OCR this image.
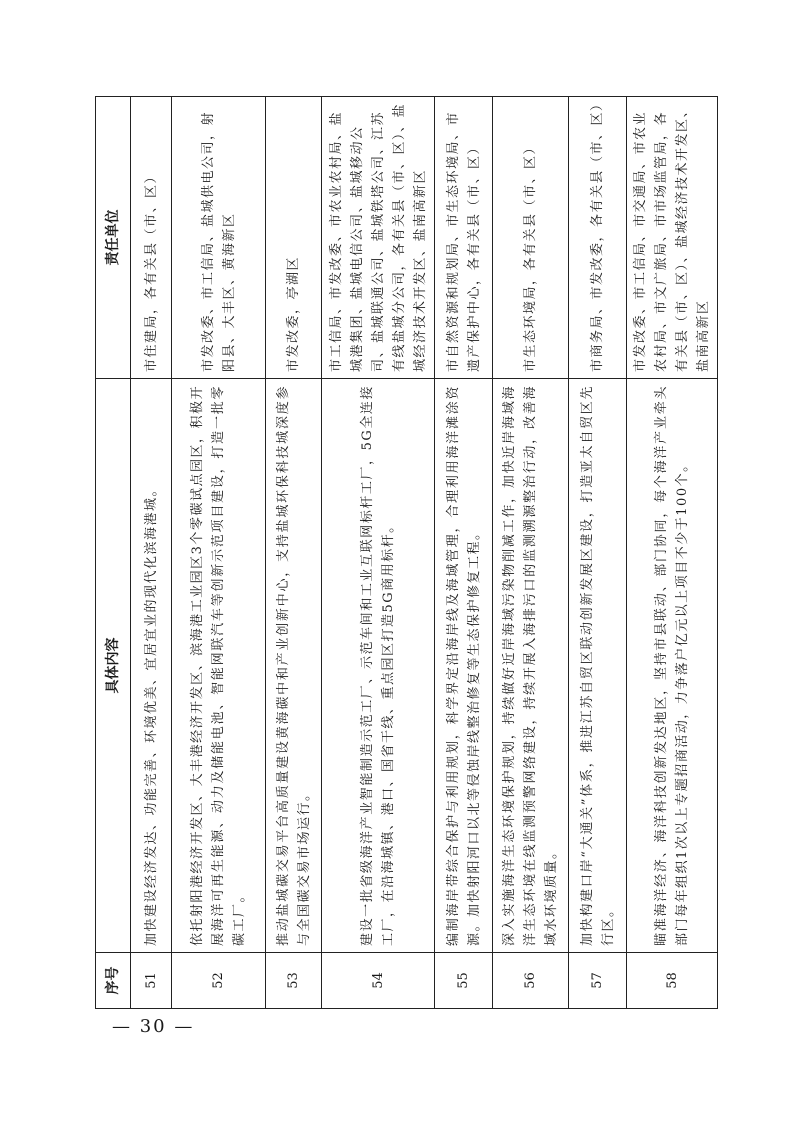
序号	具体内容	责任单位
51	加快建设经济发达、功能完善、环境优美、宜居宜业的现代化滨海港城。	市住建局，各有关县（市、区）
52	依托射阳港经济开发区、大丰港经济开发区、滨海港工业园区3个零碳试点园区，积极开展海洋可再生能源、动力及储能电池、智能网联汽车等创新示范项目建设，打造一批零碳工厂。	市发改委、市工信局、盐城供电公司，射阳县、大丰区、黄海新区
53	推动盐城碳交易平台高质量建设黄海碳中和产业创新中心，支持盐城环保科技城深度参与全国碳交易市场运行。	市发改委，亭湖区
54	建设一批省级海洋产业智能制造示范工厂、示范车间和工业互联网标杆工厂，5G全连接工厂，在沿海城镇、港口、国省干线、重点园区打造5G商用标杆。	市工信局、市发改委、市农业农村局、盐城港集团、盐城电信公司、盐城移动公司、盐城联通公司、盐城铁塔公司、江苏有线盐城分公司，各有关县（市、区）、盐城经济技术开发区、盐南高新区
55	编制海岸带综合保护与利用规划，科学界定沿海岸线及海域管理，合理利用海洋滩涂资源。加快射阳河口以北等侵蚀岸线整治修复等生态保护修复工程。	市自然资源和规划局、市生态环境局、市遗产保护中心，各有关县（市、区）
56	深入实施海洋生态环境保护规划，持续做好近岸海域污染物削减工作，加快近岸海域海洋生态环境在线监测预警网络建设，持续开展入海排污口的监测溯源整治行动，改善海域水环境质量。	市生态环境局，各有关县（市、区）
57	加快构建口岸“大通关”体系，推进江苏自贸区联动创新发展区建设，打造亚太自贸区先行区。	市商务局、市发改委，各有关县（市、区）
58	瞄准海洋经济、海洋科技创新发达地区，坚持市县联动、部门协同，每个海洋产业牵头部门每年组织1次以上专题招商活动，力争落户亿元以上项目不少于100个。	市发改委、市工信局、市交通局、市农业农村局、市文广旅局、市市场监管局，各有关县（市、区）、盐城经济技术开发区、盐南高新区
— 30 —
